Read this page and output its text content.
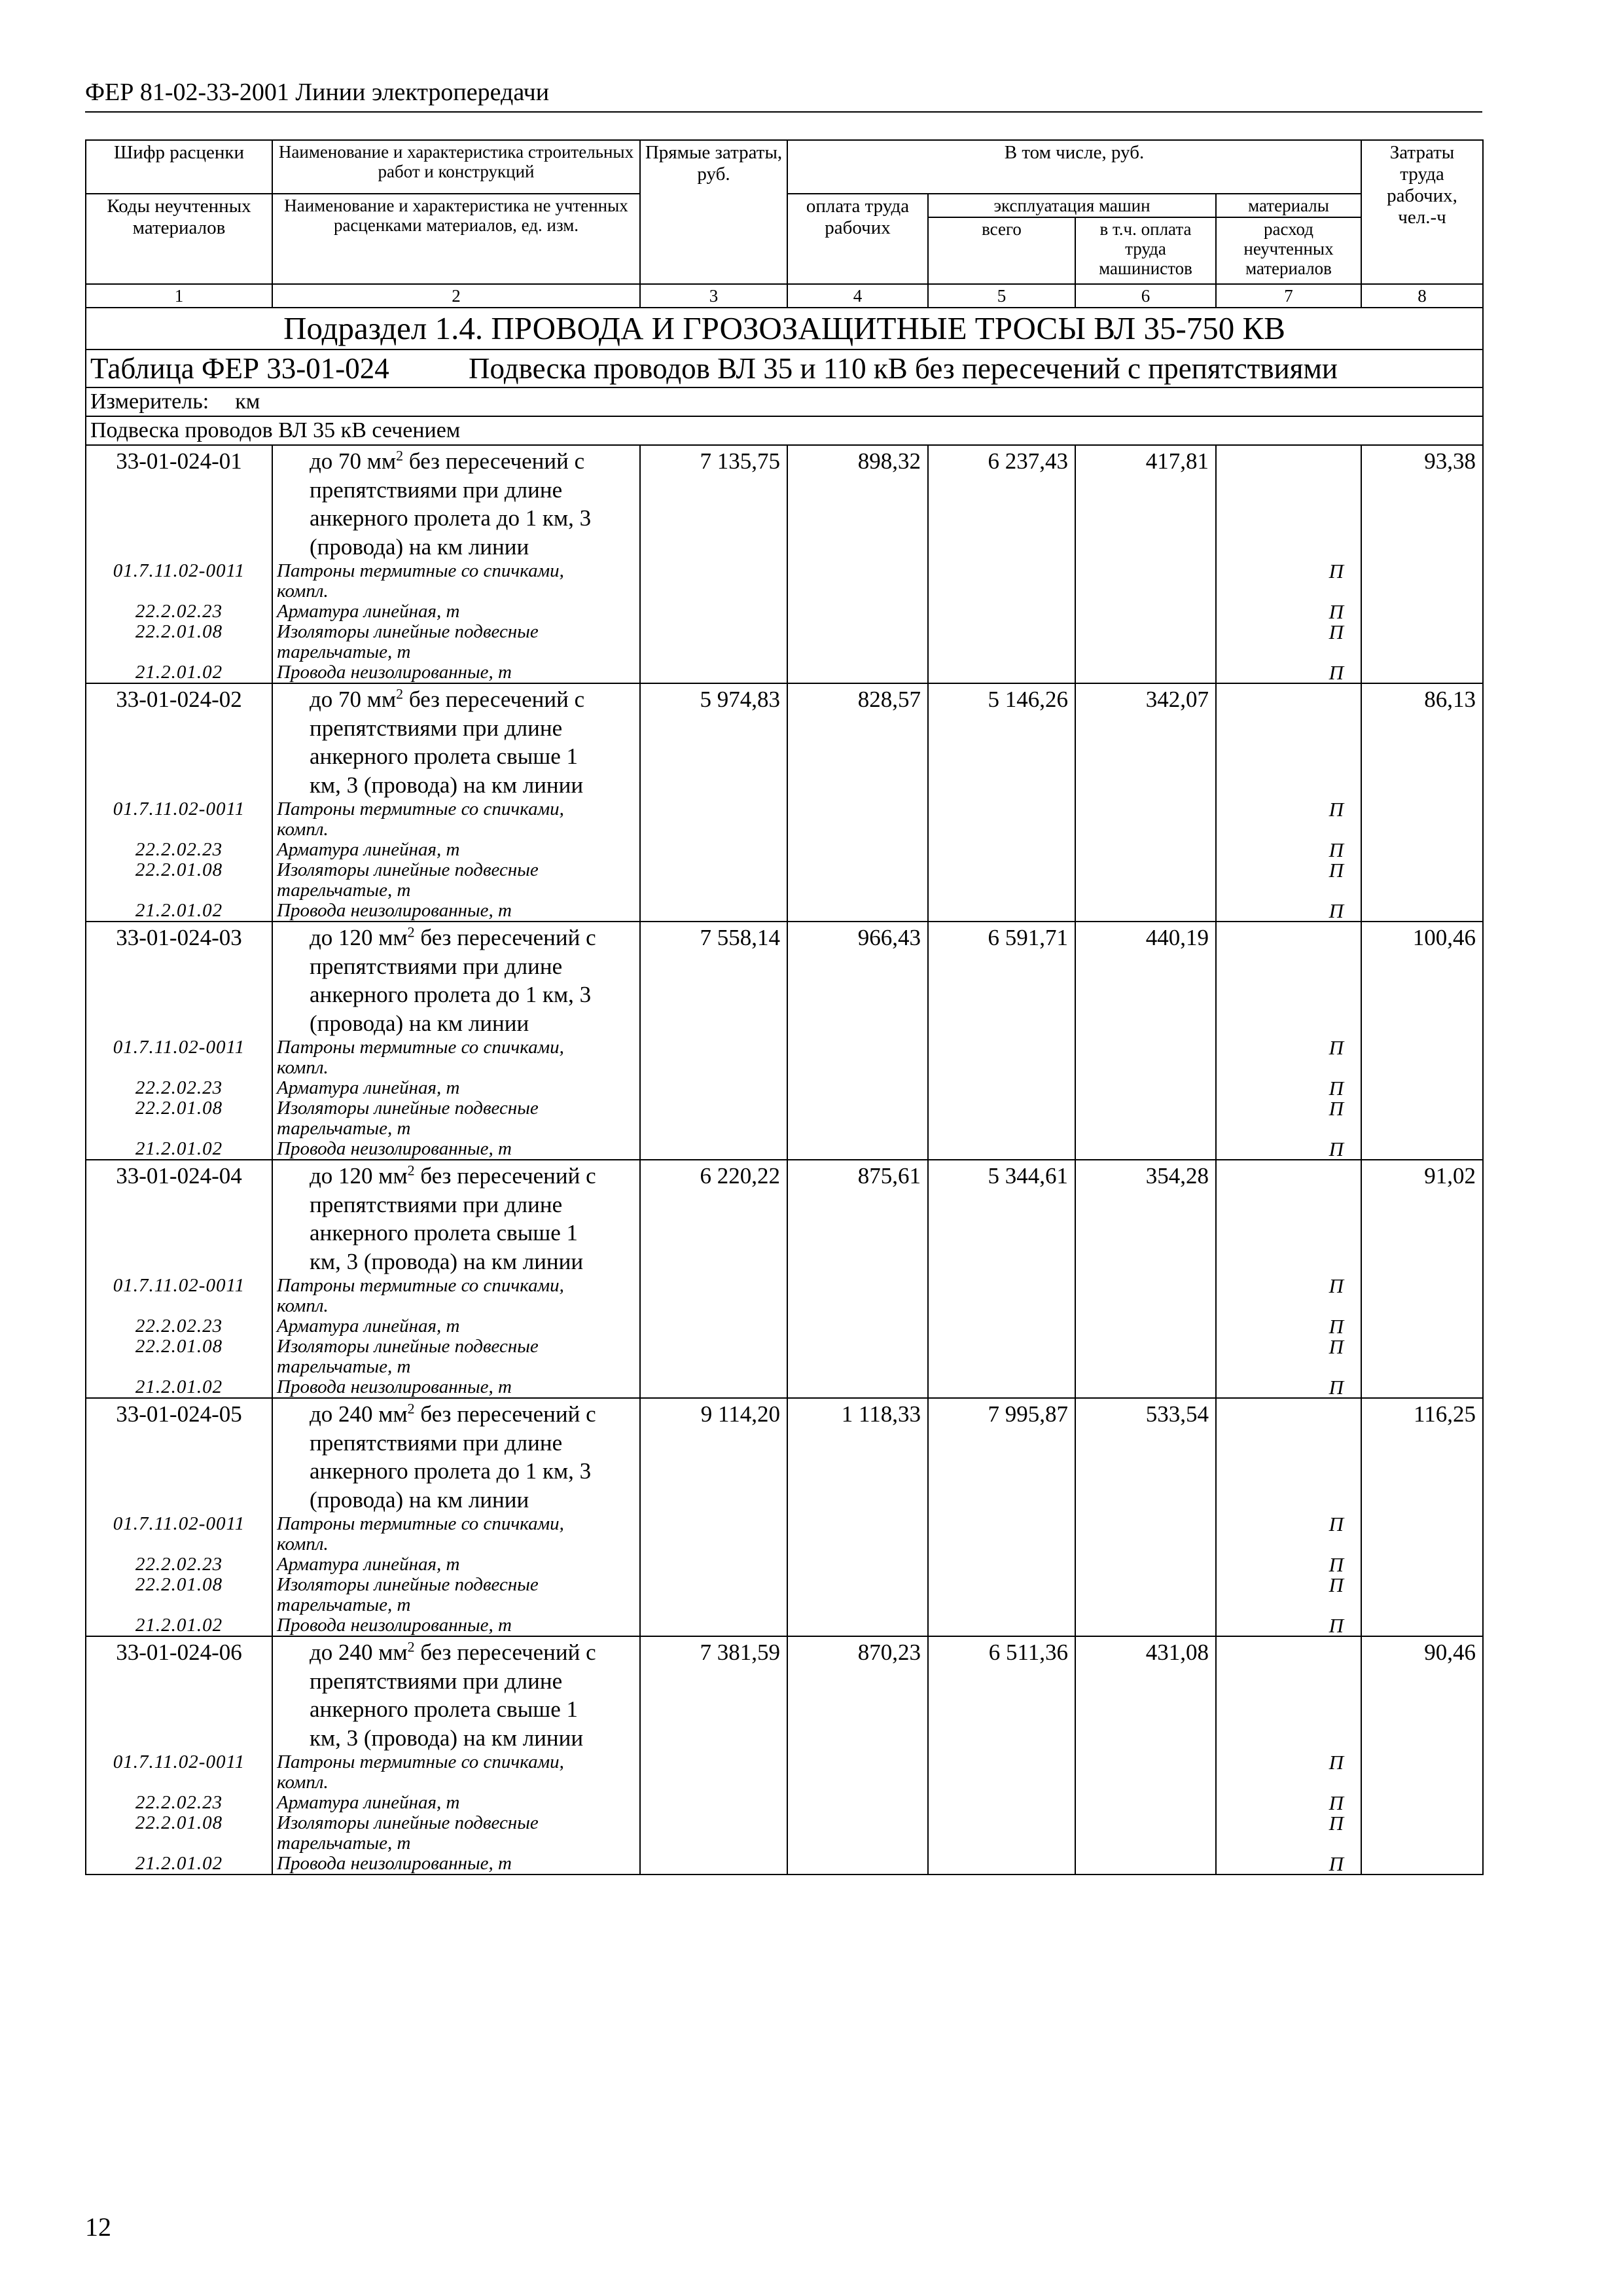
ФЕР 81-02-33-2001 Линии электропередачи
Шифр расценки	Наименование и характеристика строительных работ и конструкций	Прямые затраты, руб.	В том числе, руб.				Затраты труда рабочих, чел.-ч
Коды неучтенных материалов	Наименование и характеристика не учтенных расценками материалов, ед. изм.		оплата труда рабочих	эксплуатация машин		материалы	
				всего	в т.ч. оплата труда машинистов	расход неучтенных материалов	
1	2	3	4	5	6	7	8
Подраздел 1.4. ПРОВОДА И ГРОЗОЗАЩИТНЫЕ ТРОСЫ ВЛ 35-750 КВ							

Таблица ФЕР 33-01-024 Подвеска проводов ВЛ 35 и 110 кВ без пересечений с препятствиями							

Измеритель: км							
Подвеска проводов ВЛ 35 кВ сечением							
33-01-024-01	до 70 $мм^2$ без пересечений с
препятствиями при длине
анкерного пролета до 1 км, 3
(провода) на км линии	7 135,75	898,32	6 237,43	417,81		93,38
01.7.11.02-0011	Патроны термитные со спичками,
компл.					П	
22.2.02.23	Арматура линейная, т					П	
22.2.01.08	Изоляторы линейные подвесные
тарельчатые, т					П	
21.2.01.02	Провода неизолированные, т					П	
33-01-024-02	до 70 $мм^2$ без пересечений с
препятствиями при длине
анкерного пролета свыше 1
км, 3 (провода) на км линии	5 974,83	828,57	5 146,26	342,07		86,13
01.7.11.02-0011	Патроны термитные со спичками,
компл.					П	
22.2.02.23	Арматура линейная, т					П	
22.2.01.08	Изоляторы линейные подвесные
тарельчатые, т					П	
21.2.01.02	Провода неизолированные, т					П	
33-01-024-03	до 120 $мм^2$ без пересечений с
препятствиями при длине
анкерного пролета до 1 км, 3
(провода) на км линии	7 558,14	966,43	6 591,71	440,19		100,46
01.7.11.02-0011	Патроны термитные со спичками,
компл.					П	
22.2.02.23	Арматура линейная, т					П	
22.2.01.08	Изоляторы линейные подвесные
тарельчатые, т					П	
21.2.01.02	Провода неизолированные, т					П	
33-01-024-04	до 120 $мм^2$ без пересечений с
препятствиями при длине
анкерного пролета свыше 1
км, 3 (провода) на км линии	6 220,22	875,61	5 344,61	354,28		91,02
01.7.11.02-0011	Патроны термитные со спичками,
компл.					П	
22.2.02.23	Арматура линейная, т					П	
22.2.01.08	Изоляторы линейные подвесные
тарельчатые, т					П	
21.2.01.02	Провода неизолированные, т					П	
33-01-024-05	до 240 $мм^2$ без пересечений с
препятствиями при длине
анкерного пролета до 1 км, 3
(провода) на км линии	9 114,20	1 118,33	7 995,87	533,54		116,25
01.7.11.02-0011	Патроны термитные со спичками,
компл.					П	
22.2.02.23	Арматура линейная, т					П	
22.2.01.08	Изоляторы линейные подвесные
тарельчатые, т					П	
21.2.01.02	Провода неизолированные, т					П	
33-01-024-06	до 240 $мм^2$ без пересечений с
препятствиями при длине
анкерного пролета свыше 1
км, 3 (провода) на км линии	7 381,59	870,23	6 511,36	431,08		90,46
01.7.11.02-0011	Патроны термитные со спичками,
компл.					П	
22.2.02.23	Арматура линейная, т					П	
22.2.01.08	Изоляторы линейные подвесные
тарельчатые, т					П	
21.2.01.02	Провода неизолированные, т					П	
12
